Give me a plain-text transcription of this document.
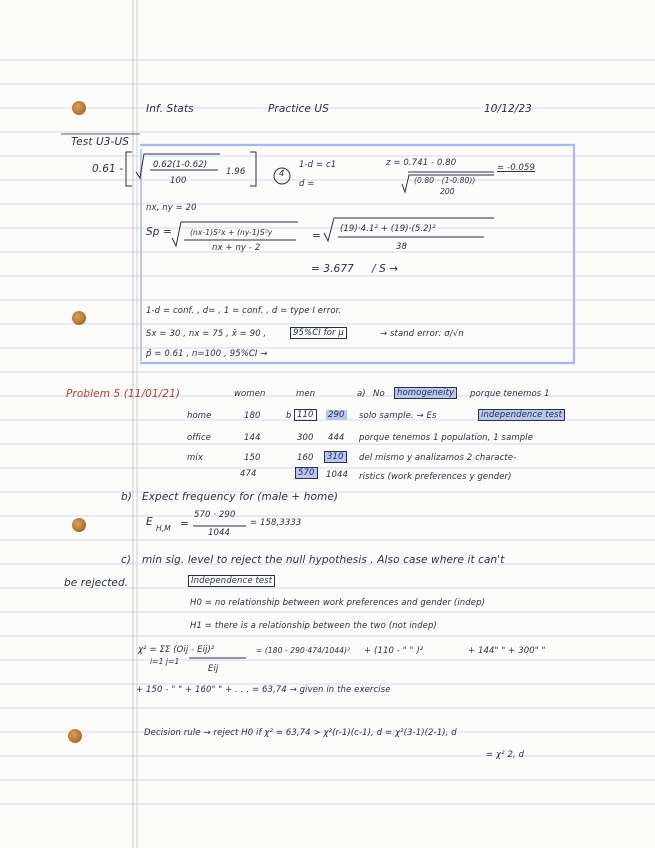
Inf. Stats	Practice US	10/12/23
Test U3-US
0.61 -	0.62(1-0.62)
100
1.96	4
1-d = c1
d =
z = 0.741 - 0.80
(0.80 · (1-0.80))
200
= -0.059
nx, ny = 20
Sp = (nx-1)S²x + (ny-1)S²y
nx + ny - 2
=
(19)·4.1² + (19)·(5.2)²
38
= 3.677 / S →
1-d = conf. , d= , 1 = conf. , d = type I error.
Sx = 30 , nx = 75 , x̄ = 90 ,	95%CI for μ	→ stand error: σ/√n
p̂ = 0.61 , n=100 , 95%CI →
Problem 5 (11/01/21)	women	men
home	180	b 110	290
office	144	300 444
mix	150	160	310
474	570	1044
a) No	homogeneity	porque tenemos 1
solo sample. → Es	independence test
porque tenemos 1 population, 1 sample
del mismo y analizamos 2 characte-
ristics (work preferences y gender)
b) Expect frequency for (male + home)
E
H,M =
570 · 290
1044
= 158,3333
c) min sig. level to reject the null hypothesis . Also case where it can't
be rejected.	Independence test
H0 = no relationship between work preferences and gender (indep)
H1 = there is a relationship between the two (not indep)
χ² = ΣΣ (Oij - Eij)²
i=1 j=1
Eij
= (180 - 290·474/1044)² + (110 - " " )²	+ 144" " + 300" "
+ 150 - " " + 160" " + . . . = 63,74 → given in the exercise
Decision rule → reject H0 if χ² = 63,74 > χ²(r-1)(c-1), d = χ²(3-1)(2-1), d
= χ² 2, d
